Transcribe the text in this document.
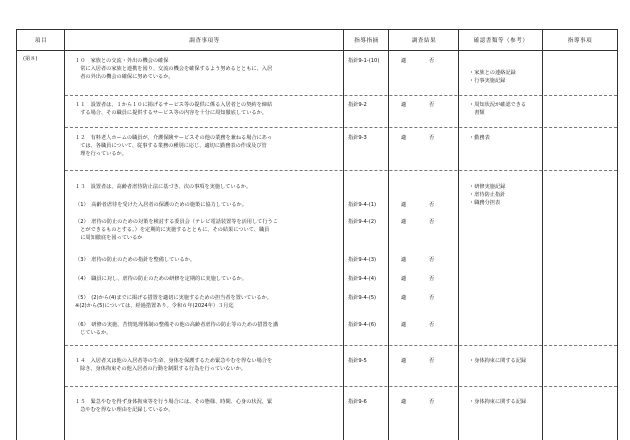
項目	調査事項等	指導指摘	調査結果	確認書類等（参考）	指導事項
(第８)	１０　家族との交流・外出の機会の確保
　常に入居者の家族と連携を図り、交流の機会を確保するよう努めるとともに、入居
　者の外出の機会の確保に努めているか。
指針9-1-(10)	適	否
・家族との連絡記録
・行事実施記録
１１　設置者は、１から１０に掲げるサービス等の提供に係る入居者との契約を締結
　する場合、その職員に提供するサービス等の内容を十分に周知徹底しているか。
指針9-2	適	否	・周知状況が確認できる
　書類
１２　有料老人ホームの職員が、介護保険サービスその他の業務を兼ねる場合にあっ
　ては、各職員について、従事する業務の種別に応じ、適切に勤務表の作成及び管
　理を行っているか。
指針9-3	適	否	・勤務表
１３　設置者は、高齢者虐待防止法に基づき、次の事項を実施しているか。	・研修実施記録
・虐待防止指針
・職務分担表
（1）　高齢者虐待を受けた入居者の保護のための施策に協力しているか。	指針9-4-(1)	適	否
（2）　虐待の防止のための対策を検討する委員会（テレビ電話装置等を活用して行うこ
　とができるものとする。）を定期的に実施するとともに、その結果について、職員
　に周知徹底を図っているか
指針9-4-(2)	適	否
（3）　虐待の防止のための指針を整備しているか。	指針9-4-(3)	適	否
（4）　職員に対し、虐待の防止のための研修を定期的に実施しているか。	指針9-4-(4)	適	否
（5）　(2)から(4)までに掲げる措置を適切に実施するための担当者を置いているか。
※(2)から(5)については、経過措置あり。令和６年(2024年）３月迄
指針9-4-(5)	適	否
（6）　研修の実施、苦情処理体制の整備その他の高齢者虐待の防止等のための措置を講
　じているか。
指針9-4-(6)	適	否
１４　入居者又は他の入居者等の生命、身体を保護するため緊急やむを得ない場合を
　除き、身体拘束その他入居者の行動を制限する行為を行っていないか。
指針9-5	適	否	・身体拘束に関する記録
１５　緊急やむを得ず身体拘束等を行う場合には、その態様、時間、心身の状況、緊
　急やむを得ない理由を記録しているか。
指針9-6	適	否	・身体拘束に関する記録
